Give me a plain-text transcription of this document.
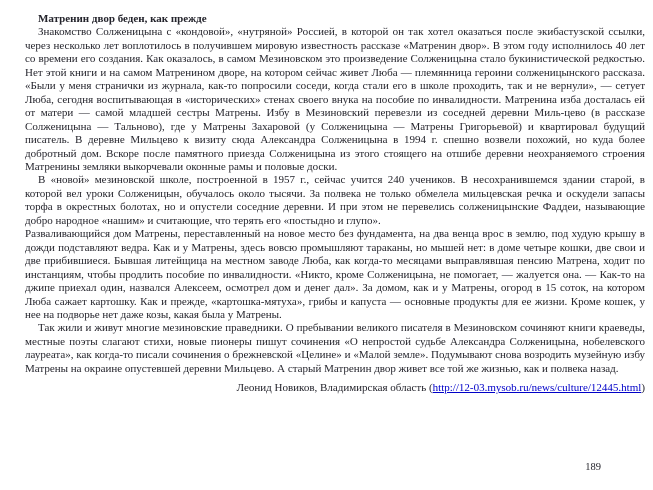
Матренин двор беден, как прежде

Знакомство Солженицына с «кондовой», «нутряной» Россией, в которой он так хотел оказаться после экибастузской ссылки, через несколько лет воплотилось в получившем мировую известность рассказе «Матренин двор». В этом году исполнилось 40 лет со времени его создания. Как оказалось, в самом Мезиновском это произведение Солженицына стало букинистической редкостью. Нет этой книги и на самом Матренином дворе, на котором сейчас живет Люба — племянница героини солженицынского рассказа. «Были у меня странички из журнала, как-то попросили соседи, когда стали его в школе проходить, так и не вернули», — сетует Люба, сегодня воспитывающая в «исторических» стенах своего внука на пособие по инвалидности. Матренина изба досталась ей от матери — самой младшей сестры Матрены. Избу в Мезиновский перевезли из соседней деревни Миль-цево (в рассказе Солженицына — Тальново), где у Матрены Захаровой (у Солженицына — Матрены Григорьевой) и квартировал будущий писатель. В деревне Мильцево к визиту сюда Александра Солженицына в 1994 г. спешно возвели похожий, но куда более добротный дом. Вскоре после памятного приезда Солженицына из этого стоящего на отшибе деревни неохраняемого строения Матренины земляки выкорчевали оконные рамы и половые доски.

В «новой» мезиновской школе, построенной в 1957 г., сейчас учится 240 учеников. В несохранившемся здании старой, в которой вел уроки Солженицын, обучалось около тысячи. За полвека не только обмелела мильцевская речка и оскудели запасы торфа в окрестных болотах, но и опустели соседние деревни. И при этом не перевелись солженицынские Фаддеи, называющие добро народное «нашим» и считающие, что терять его «постыдно и глупо».

Разваливающийся дом Матрены, переставленный на новое место без фундамента, на два венца врос в землю, под худую крышу в дожди подставляют ведра. Как и у Матрены, здесь вовсю промышляют тараканы, но мышей нет: в доме четыре кошки, две свои и две прибившиеся. Бывшая литейщица на местном заводе Люба, как когда-то месяцами выправлявшая пенсию Матрена, ходит по инстанциям, чтобы продлить пособие по инвалидности. «Никто, кроме Солженицына, не помогает, — жалуется она. — Как-то на джипе приехал один, назвался Алексеем, осмотрел дом и денег дал». За домом, как и у Матрены, огород в 15 соток, на котором Люба сажает картошку. Как и прежде, «картошка-мятуха», грибы и капуста — основные продукты для ее жизни. Кроме кошек, у нее на подворье нет даже козы, какая была у Матрены.

Так жили и живут многие мезиновские праведники. О пребывании великого писателя в Мезиновском сочиняют книги краеведы, местные поэты слагают стихи, новые пионеры пишут сочинения «О непростой судьбе Александра Солженицына, нобелевского лауреата», как когда-то писали сочинения о брежневской «Целине» и «Малой земле». Подумывают снова возродить музейную избу Матрены на окраине опустевшей деревни Мильцево. А старый Матренин двор живет все той же жизнью, как и полвека назад.

Леонид Новиков, Владимирская область (http://12-03.mysob.ru/news/culture/12445.html)
189
